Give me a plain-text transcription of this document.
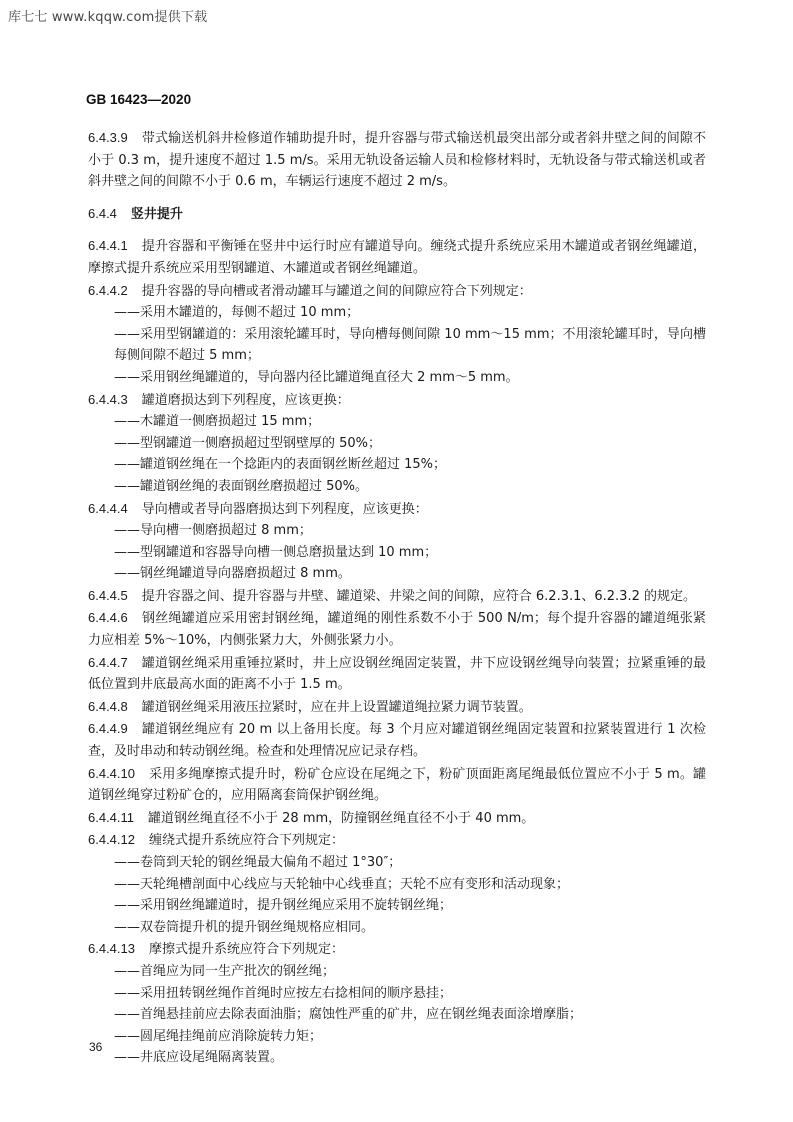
库七七 www.kqqw.com提供下载
GB 16423—2020

6.4.3.9 带式输送机斜井检修道作辅助提升时，提升容器与带式输送机最突出部分或者斜井壁之间的间隙不小于 0.3 m，提升速度不超过 1.5 m/s。采用无轨设备运输人员和检修材料时，无轨设备与带式输送机或者斜井壁之间的间隙不小于 0.6 m，车辆运行速度不超过 2 m/s。

6.4.4 竖井提升

6.4.4.1 提升容器和平衡锤在竖井中运行时应有罐道导向。缠绕式提升系统应采用木罐道或者钢丝绳罐道，摩擦式提升系统应采用型钢罐道、木罐道或者钢丝绳罐道。

6.4.4.2 提升容器的导向槽或者滑动罐耳与罐道之间的间隙应符合下列规定：

——采用木罐道的，每侧不超过 10 mm；

——采用型钢罐道的：采用滚轮罐耳时，导向槽每侧间隙 10 mm～15 mm；不用滚轮罐耳时，导向槽每侧间隙不超过 5 mm；

——采用钢丝绳罐道的，导向器内径比罐道绳直径大 2 mm～5 mm。

6.4.4.3 罐道磨损达到下列程度，应该更换：

——木罐道一侧磨损超过 15 mm；

——型钢罐道一侧磨损超过型钢壁厚的 50%；

——罐道钢丝绳在一个捻距内的表面钢丝断丝超过 15%；

——罐道钢丝绳的表面钢丝磨损超过 50%。

6.4.4.4 导向槽或者导向器磨损达到下列程度，应该更换：

——导向槽一侧磨损超过 8 mm；

——型钢罐道和容器导向槽一侧总磨损量达到 10 mm；

——钢丝绳罐道导向器磨损超过 8 mm。

6.4.4.5 提升容器之间、提升容器与井壁、罐道梁、井梁之间的间隙，应符合 6.2.3.1、6.2.3.2 的规定。

6.4.4.6 钢丝绳罐道应采用密封钢丝绳，罐道绳的刚性系数不小于 500 N/m；每个提升容器的罐道绳张紧力应相差 5%～10%，内侧张紧力大，外侧张紧力小。

6.4.4.7 罐道钢丝绳采用重锤拉紧时，井上应设钢丝绳固定装置，井下应设钢丝绳导向装置；拉紧重锤的最低位置到井底最高水面的距离不小于 1.5 m。

6.4.4.8 罐道钢丝绳采用液压拉紧时，应在井上设置罐道绳拉紧力调节装置。

6.4.4.9 罐道钢丝绳应有 20 m 以上备用长度。每 3 个月应对罐道钢丝绳固定装置和拉紧装置进行 1 次检查，及时串动和转动钢丝绳。检查和处理情况应记录存档。

6.4.4.10 采用多绳摩擦式提升时，粉矿仓应设在尾绳之下，粉矿顶面距离尾绳最低位置应不小于 5 m。罐道钢丝绳穿过粉矿仓的，应用隔离套筒保护钢丝绳。

6.4.4.11 罐道钢丝绳直径不小于 28 mm，防撞钢丝绳直径不小于 40 mm。

6.4.4.12 缠绕式提升系统应符合下列规定：

——卷筒到天轮的钢丝绳最大偏角不超过 1°30″；

——天轮绳槽剖面中心线应与天轮轴中心线垂直；天轮不应有变形和活动现象；

——采用钢丝绳罐道时，提升钢丝绳应采用不旋转钢丝绳；

——双卷筒提升机的提升钢丝绳规格应相同。

6.4.4.13 摩擦式提升系统应符合下列规定：

——首绳应为同一生产批次的钢丝绳；

——采用扭转钢丝绳作首绳时应按左右捻相间的顺序悬挂；

——首绳悬挂前应去除表面油脂；腐蚀性严重的矿井，应在钢丝绳表面涂增摩脂；

——圆尾绳挂绳前应消除旋转力矩；

——井底应设尾绳隔离装置。

36
